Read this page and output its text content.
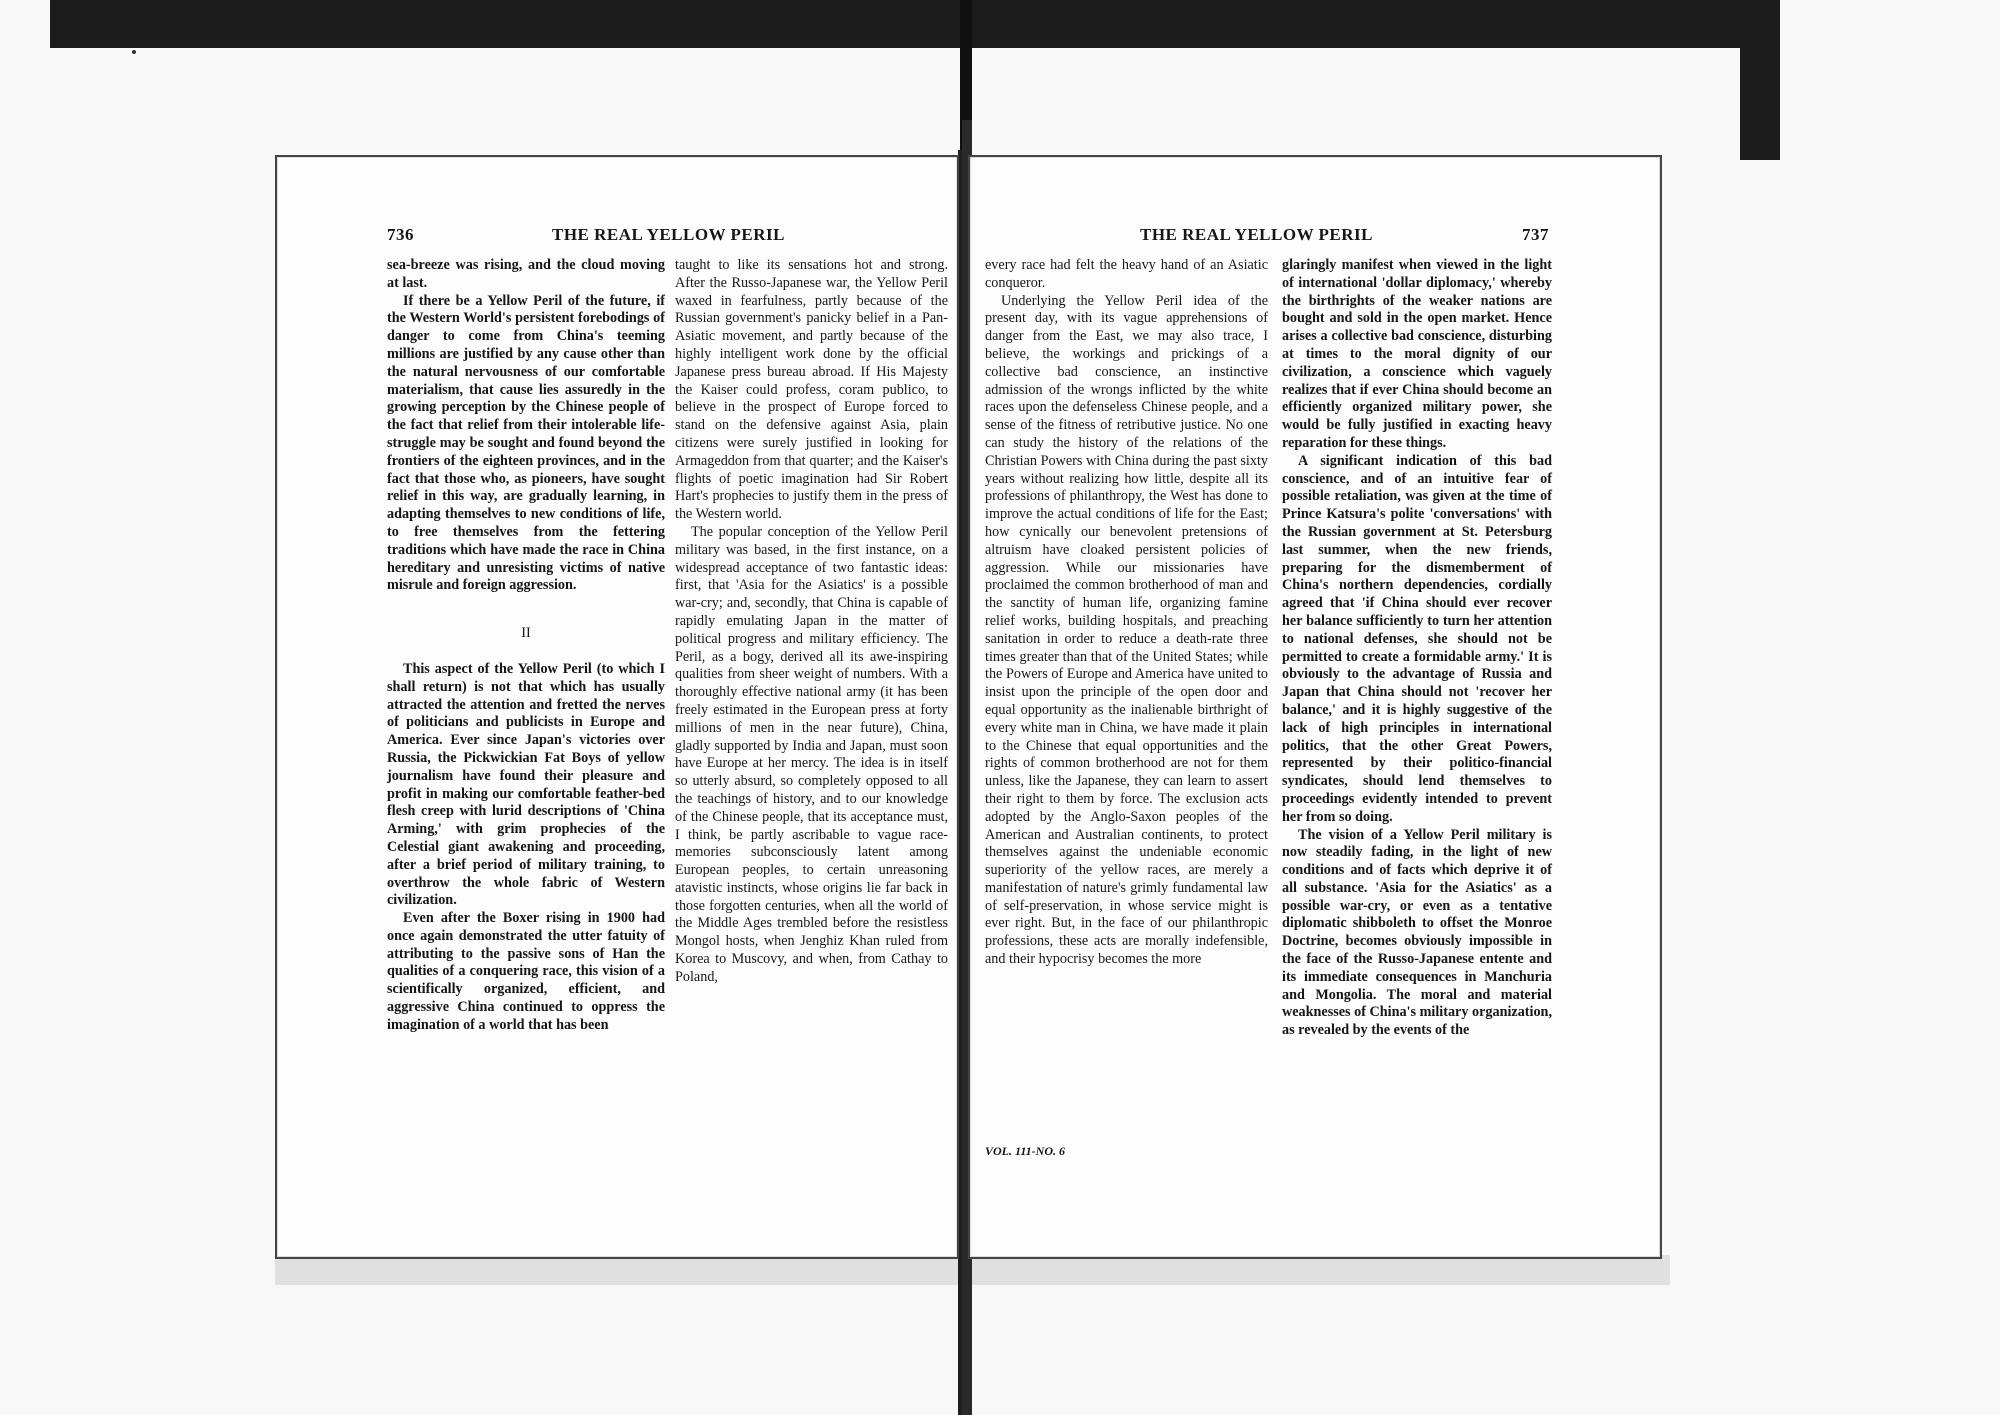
736	THE REAL YELLOW PERIL

sea-breeze was rising, and the cloud moving at last.

If there be a Yellow Peril of the future, if the Western World's persistent forebodings of danger to come from China's teeming millions are justified by any cause other than the natural nervousness of our comfortable materialism, that cause lies assuredly in the growing perception by the Chinese people of the fact that relief from their intolerable life-struggle may be sought and found beyond the frontiers of the eighteen provinces, and in the fact that those who, as pioneers, have sought relief in this way, are gradually learning, in adapting themselves to new conditions of life, to free themselves from the fettering traditions which have made the race in China hereditary and unresisting victims of native misrule and foreign aggression.

II

This aspect of the Yellow Peril (to which I shall return) is not that which has usually attracted the attention and fretted the nerves of politicians and publicists in Europe and America. Ever since Japan's victories over Russia, the Pickwickian Fat Boys of yellow journalism have found their pleasure and profit in making our comfortable feather-bed flesh creep with lurid descriptions of 'China Arming,' with grim prophecies of the Celestial giant awakening and proceeding, after a brief period of military training, to overthrow the whole fabric of Western civilization.

Even after the Boxer rising in 1900 had once again demonstrated the utter fatuity of attributing to the passive sons of Han the qualities of a conquering race, this vision of a scientifically organized, efficient, and aggressive China continued to oppress the imagination of a world that has been

taught to like its sensations hot and strong. After the Russo-Japanese war, the Yellow Peril waxed in fearfulness, partly because of the Russian government's panicky belief in a Pan-Asiatic movement, and partly because of the highly intelligent work done by the official Japanese press bureau abroad. If His Majesty the Kaiser could profess, coram publico, to believe in the prospect of Europe forced to stand on the defensive against Asia, plain citizens were surely justified in looking for Armageddon from that quarter; and the Kaiser's flights of poetic imagination had Sir Robert Hart's prophecies to justify them in the press of the Western world.

The popular conception of the Yellow Peril military was based, in the first instance, on a widespread acceptance of two fantastic ideas: first, that 'Asia for the Asiatics' is a possible war-cry; and, secondly, that China is capable of rapidly emulating Japan in the matter of political progress and military efficiency. The Peril, as a bogy, derived all its awe-inspiring qualities from sheer weight of numbers. With a thoroughly effective national army (it has been freely estimated in the European press at forty millions of men in the near future), China, gladly supported by India and Japan, must soon have Europe at her mercy. The idea is in itself so utterly absurd, so completely opposed to all the teachings of history, and to our knowledge of the Chinese people, that its acceptance must, I think, be partly ascribable to vague race-memories subconsciously latent among European peoples, to certain unreasoning atavistic instincts, whose origins lie far back in those forgotten centuries, when all the world of the Middle Ages trembled before the resistless Mongol hosts, when Jenghiz Khan ruled from Korea to Muscovy, and when, from Cathay to Poland,

THE REAL YELLOW PERIL	737

every race had felt the heavy hand of an Asiatic conqueror.

Underlying the Yellow Peril idea of the present day, with its vague apprehensions of danger from the East, we may also trace, I believe, the workings and prickings of a collective bad conscience, an instinctive admission of the wrongs inflicted by the white races upon the defenseless Chinese people, and a sense of the fitness of retributive justice. No one can study the history of the relations of the Christian Powers with China during the past sixty years without realizing how little, despite all its professions of philanthropy, the West has done to improve the actual conditions of life for the East; how cynically our benevolent pretensions of altruism have cloaked persistent policies of aggression. While our missionaries have proclaimed the common brotherhood of man and the sanctity of human life, organizing famine relief works, building hospitals, and preaching sanitation in order to reduce a death-rate three times greater than that of the United States; while the Powers of Europe and America have united to insist upon the principle of the open door and equal opportunity as the inalienable birthright of every white man in China, we have made it plain to the Chinese that equal opportunities and the rights of common brotherhood are not for them unless, like the Japanese, they can learn to assert their right to them by force. The exclusion acts adopted by the Anglo-Saxon peoples of the American and Australian continents, to protect themselves against the undeniable economic superiority of the yellow races, are merely a manifestation of nature's grimly fundamental law of self-preservation, in whose service might is ever right. But, in the face of our philanthropic professions, these acts are morally indefensible, and their hypocrisy becomes the more

VOL. 111-NO. 6

glaringly manifest when viewed in the light of international 'dollar diplomacy,' whereby the birthrights of the weaker nations are bought and sold in the open market. Hence arises a collective bad conscience, disturbing at times to the moral dignity of our civilization, a conscience which vaguely realizes that if ever China should become an efficiently organized military power, she would be fully justified in exacting heavy reparation for these things.

A significant indication of this bad conscience, and of an intuitive fear of possible retaliation, was given at the time of Prince Katsura's polite 'conversations' with the Russian government at St. Petersburg last summer, when the new friends, preparing for the dismemberment of China's northern dependencies, cordially agreed that 'if China should ever recover her balance sufficiently to turn her attention to national defenses, she should not be permitted to create a formidable army.' It is obviously to the advantage of Russia and Japan that China should not 'recover her balance,' and it is highly suggestive of the lack of high principles in international politics, that the other Great Powers, represented by their politico-financial syndicates, should lend themselves to proceedings evidently intended to prevent her from so doing.

The vision of a Yellow Peril military is now steadily fading, in the light of new conditions and of facts which deprive it of all substance. 'Asia for the Asiatics' as a possible war-cry, or even as a tentative diplomatic shibboleth to offset the Monroe Doctrine, becomes obviously impossible in the face of the Russo-Japanese entente and its immediate consequences in Manchuria and Mongolia. The moral and material weaknesses of China's military organization, as revealed by the events of the
